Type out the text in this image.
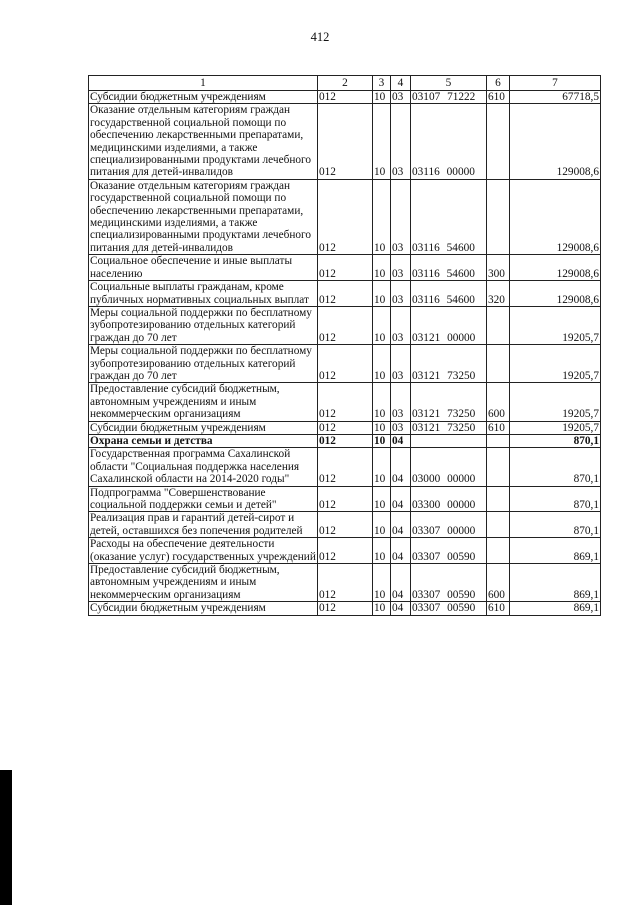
412
1	2	3	4	5	6	7
Субсидии бюджетным учреждениям	012	10	03	03107 71222	610	67718,5
Оказание отдельным категориям граждан государственной социальной помощи по обеспечению лекарственными препаратами, медицинскими изделиями, а также специализированными продуктами лечебного питания для детей-инвалидов	012	10	03	03116 00000		129008,6
Оказание отдельным категориям граждан государственной социальной помощи по обеспечению лекарственными препаратами, медицинскими изделиями, а также специализированными продуктами лечебного питания для детей-инвалидов	012	10	03	03116 54600		129008,6
Социальное обеспечение и иные выплаты населению	012	10	03	03116 54600	300	129008,6
Социальные выплаты гражданам, кроме публичных нормативных социальных выплат	012	10	03	03116 54600	320	129008,6
Меры социальной поддержки по бесплатному зубопротезированию отдельных категорий граждан до 70 лет	012	10	03	03121 00000		19205,7
Меры социальной поддержки по бесплатному зубопротезированию отдельных категорий граждан до 70 лет	012	10	03	03121 73250		19205,7
Предоставление субсидий бюджетным, автономным учреждениям и иным некоммерческим организациям	012	10	03	03121 73250	600	19205,7
Субсидии бюджетным учреждениям	012	10	03	03121 73250	610	19205,7
Охрана семьи и детства	012	10	04			870,1
Государственная программа Сахалинской области "Социальная поддержка населения Сахалинской области на 2014-2020 годы"	012	10	04	03000 00000		870,1
Подпрограмма "Совершенствование социальной поддержки семьи и детей"	012	10	04	03300 00000		870,1
Реализация прав и гарантий детей-сирот и детей, оставшихся без попечения родителей	012	10	04	03307 00000		870,1
Расходы на обеспечение деятельности (оказание услуг) государственных учреждений	012	10	04	03307 00590		869,1
Предоставление субсидий бюджетным, автономным учреждениям и иным некоммерческим организациям	012	10	04	03307 00590	600	869,1
Субсидии бюджетным учреждениям	012	10	04	03307 00590	610	869,1
